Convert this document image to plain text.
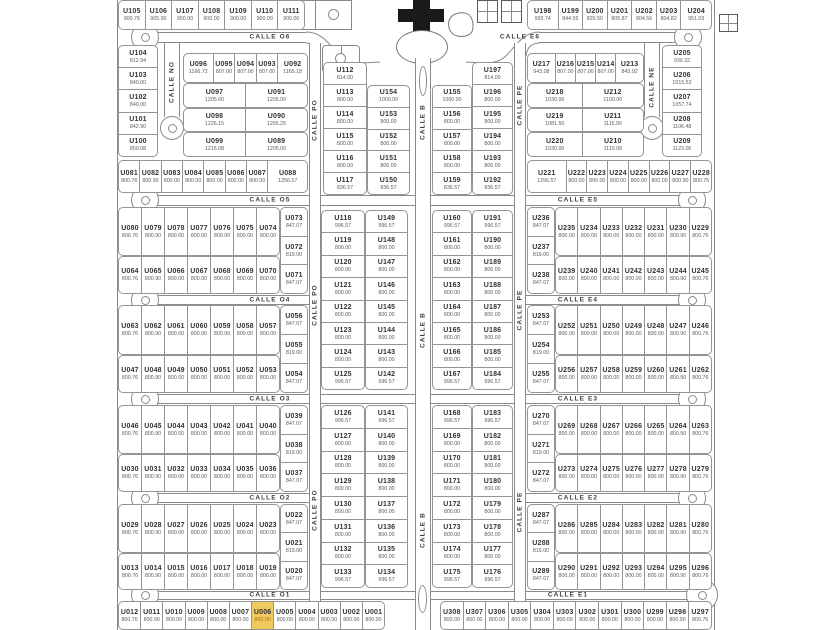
U105
900.76
U106
905.90
U107
900.00
U108
900.00
U109
900.00
U110
900.00
U111
900.00
U104
812.94
U103
840.00
U102
840.00
U101
842.90
U100
850.08
U096
1166.72
U095
807.00
U094
807.00
U093
807.00
U092
1165.18
U097
1205.00
U091
1205.00
U098
1226.15
U090
1265.25
U099
1215.08
U089
1205.00
U081
800.76
U082
800.90
U083
800.00
U084
800.00
U085
800.00
U086
800.00
U087
800.00
U088
1256.57
U080
800.76
U079
800.90
U078
800.00
U077
800.00
U076
800.00
U075
800.00
U074
800.00
U073
847.07
U072
819.00
U071
847.07
U064
800.76
U065
800.90
U066
800.00
U067
800.00
U068
800.00
U069
800.00
U070
800.00
U063
800.76
U062
800.90
U061
800.00
U060
800.00
U059
800.00
U058
800.00
U057
800.00
U056
847.07
U055
819.00
U054
847.07
U047
800.76
U048
800.90
U049
800.00
U050
800.00
U051
800.00
U052
800.00
U053
800.00
U046
800.76
U045
800.90
U044
800.00
U043
800.00
U042
800.00
U041
800.00
U040
800.00
U039
847.07
U038
819.00
U037
847.07
U030
800.76
U031
800.90
U032
800.00
U033
800.00
U034
800.00
U035
800.00
U036
800.00
U029
800.76
U028
800.90
U027
800.00
U026
800.00
U025
800.00
U024
800.00
U023
800.00
U022
847.07
U021
819.00
U020
847.07
U013
800.76
U014
800.90
U015
800.00
U016
800.00
U017
800.00
U018
800.00
U019
800.00
U012
800.76
U011
800.90
U010
800.00
U009
800.00
U008
800.00
U007
800.00
U006
800.00
U005
800.00
U004
800.00
U003
800.00
U002
800.00
U001
800.00
U112
814.00
U113
800.00
U114
800.00
U115
800.00
U116
800.00
U117
836.57
U154
1000.00
U153
800.00
U152
800.00
U151
800.00
U150
836.57
U155
1000.00
U156
800.00
U157
800.00
U158
800.00
U159
836.57
U197
814.00
U196
800.00
U195
800.00
U194
800.00
U193
800.00
U192
836.57
U118
996.57
U119
800.00
U120
800.00
U121
800.00
U122
800.00
U123
800.00
U124
800.00
U125
996.57
U149
996.57
U148
800.00
U147
800.00
U146
800.00
U145
800.00
U144
800.00
U143
800.00
U142
996.57
U160
996.57
U161
800.00
U162
800.00
U163
800.00
U164
800.00
U165
800.00
U166
800.00
U167
996.57
U191
996.57
U190
800.00
U189
800.00
U188
800.00
U187
800.00
U186
800.00
U185
800.00
U184
996.57
U126
996.57
U127
800.00
U128
800.00
U129
800.00
U130
800.00
U131
800.00
U132
800.00
U133
996.57
U141
996.57
U140
800.00
U139
800.00
U138
800.00
U137
800.00
U136
800.00
U135
800.00
U134
996.57
U168
996.57
U169
800.00
U170
800.00
U171
800.00
U172
800.00
U173
800.00
U174
800.00
U175
996.57
U183
996.57
U182
800.00
U181
800.00
U180
800.00
U179
800.00
U178
800.00
U177
800.00
U176
996.57
U198
993.74
U199
844.55
U200
820.50
U201
805.87
U202
804.56
U203
804.82
U204
951.03
U217
943.08
U216
807.00
U215
807.00
U214
807.00
U213
843.92
U218
1030.00
U212
1100.00
U219
1081.50
U211
1115.90
U220
1030.00
U210
1110.08
U205
939.32
U206
1015.52
U207
1057.74
U208
1106.48
U209
1123.06
U221
1256.57
U222
800.00
U223
800.00
U224
800.00
U225
800.00
U226
800.00
U227
800.90
U228
800.76
U236
847.07
U237
819.00
U238
847.07
U235
800.00
U234
800.00
U233
800.00
U232
800.00
U231
800.00
U230
800.90
U229
800.76
U239
800.00
U240
800.00
U241
800.00
U242
800.00
U243
800.00
U244
800.90
U245
800.76
U253
847.07
U254
819.00
U255
847.07
U252
800.00
U251
800.00
U250
800.00
U249
800.00
U248
800.00
U247
800.90
U246
800.76
U256
800.00
U257
800.00
U258
800.00
U259
800.00
U260
800.00
U261
800.90
U262
800.76
U270
847.07
U271
819.00
U272
847.07
U269
800.00
U268
800.00
U267
800.00
U266
800.00
U265
800.00
U264
800.90
U263
800.76
U273
800.00
U274
800.00
U275
800.00
U276
800.00
U277
800.00
U278
800.90
U279
800.76
U287
847.07
U288
819.00
U289
847.07
U286
800.00
U285
800.00
U284
800.00
U283
800.00
U282
800.00
U281
800.90
U280
800.76
U290
800.00
U291
800.00
U292
800.00
U293
800.00
U294
800.00
U295
800.90
U296
800.76
U308
800.00
U307
800.00
U306
800.00
U305
800.00
U304
800.00
U303
800.00
U302
800.00
U301
800.00
U300
800.00
U299
800.00
U298
800.90
U297
800.76
CALLE O6	CALLE E6
CALLE O5	CALLE E5
CALLE O4	CALLE E4
CALLE O3	CALLE E3
CALLE O2	CALLE E2
CALLE O1	CALLE E1
CALLE NO	CALLE NE
CALLE PO
CALLE PO
CALLE PO
CALLE B
CALLE B
CALLE B
CALLE PE
CALLE PE
CALLE PE
